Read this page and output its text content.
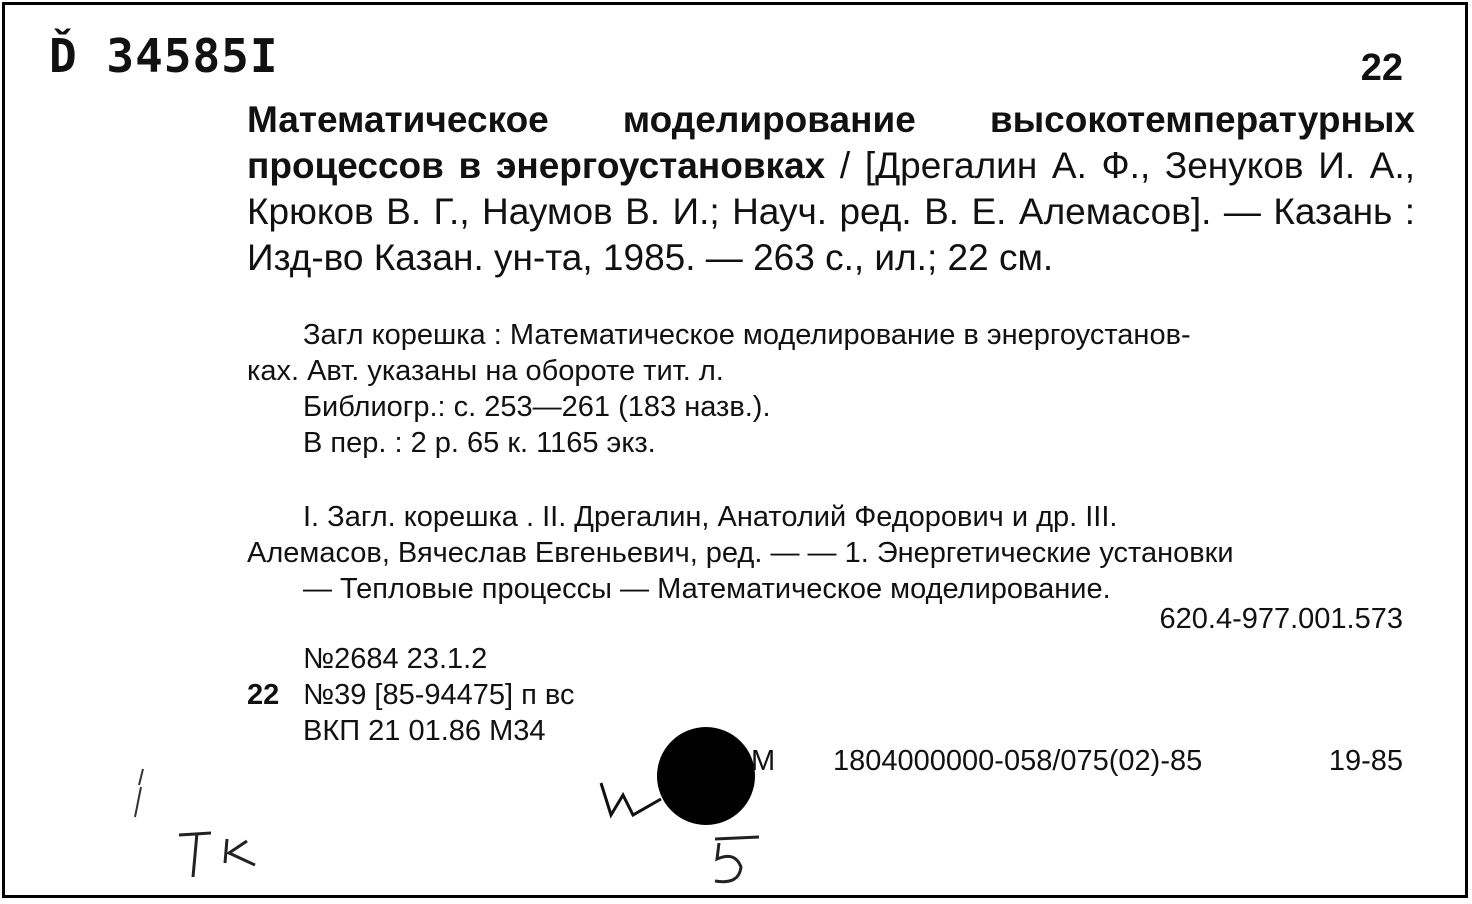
Ď 34585I	22
Математическое моделирование высокотемпературных процессов в энергоустановках / [Дрегалин А. Ф., Зенуков И. А., Крюков В. Г., Наумов В. И.; Науч. ред. В. Е. Алемасов]. — Казань : Изд-во Казан. ун-та, 1985. — 263 с., ил.; 22 см.

Загл корешка : Математическое моделирование в энергоустанов-

ках. Авт. указаны на обороте тит. л.

Библиогр.: с. 253—261 (183 назв.).

В пер. : 2 р. 65 к. 1165 экз.

I. Загл. корешка . II. Дрегалин, Анатолий Федорович и др. III.

Алемасов, Вячеслав Евгеньевич, ред. — — 1. Энергетические установки

— Тепловые процессы — Математическое моделирование.

620.4-977.001.573
№2684 23.1.2
22 №39 [85-94475] п вс
ВКП 21 01.86 М34
М 1804000000-058/075(02)-85	19-85
